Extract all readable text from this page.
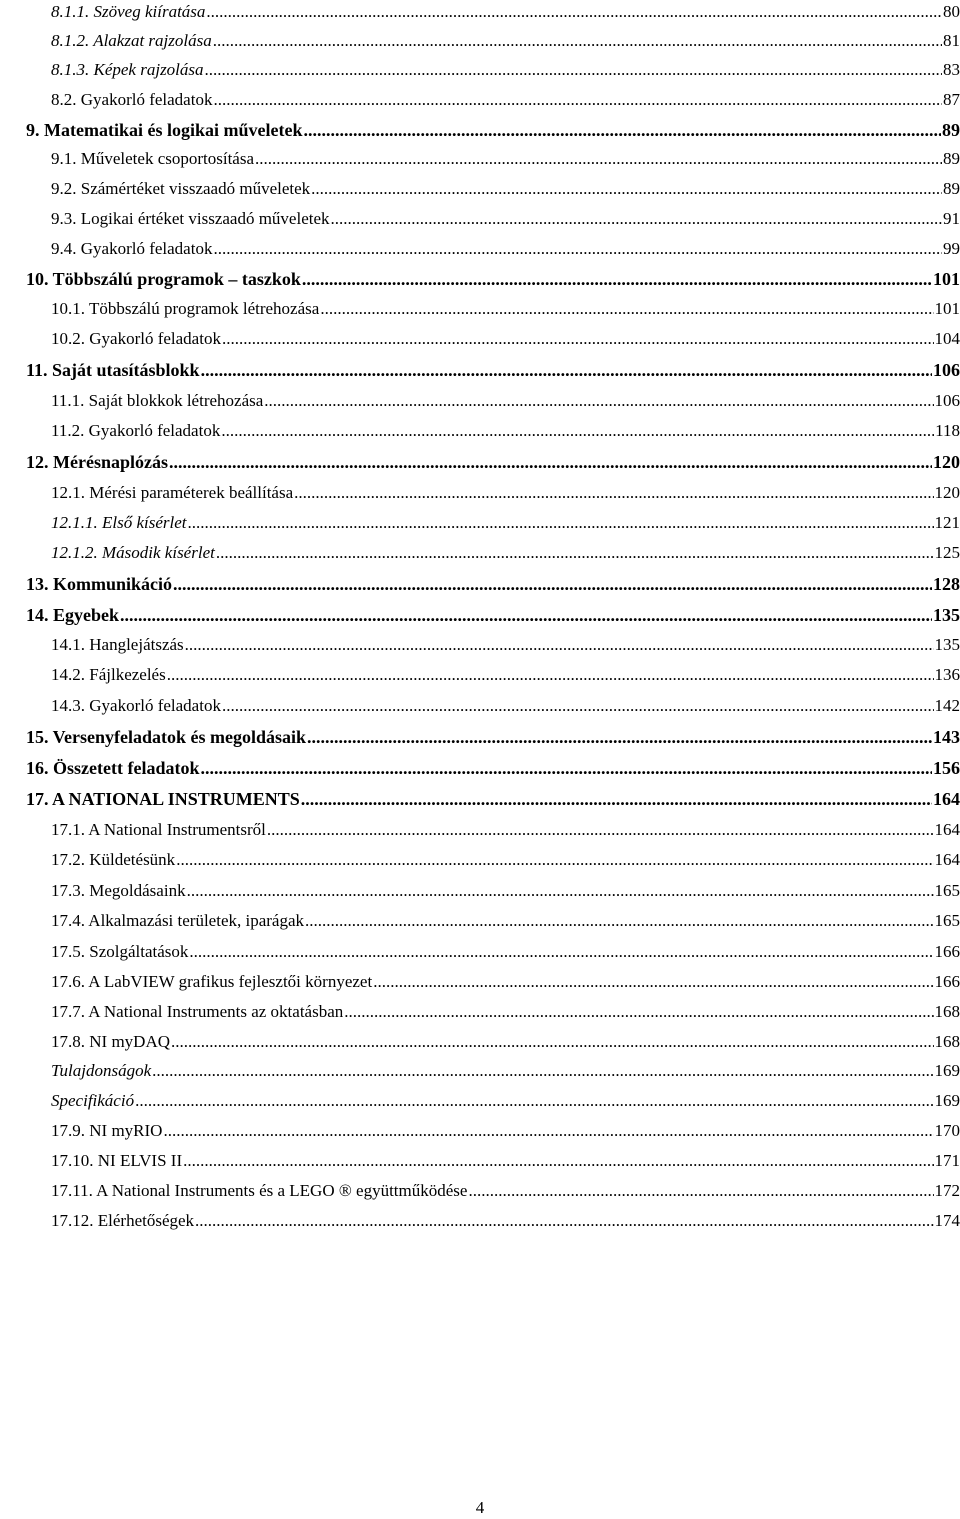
8.1.1. Szöveg kiíratása .....	80
8.1.2. Alakzat rajzolása .....	81
8.1.3. Képek rajzolása .....	83
8.2. Gyakorló feladatok .....	87
9. Matematikai és logikai műveletek .....	89
9.1. Műveletek csoportosítása .....	89
9.2. Számértéket visszaadó műveletek .....	89
9.3. Logikai értéket visszaadó műveletek .....	91
9.4. Gyakorló feladatok .....	99
10. Többszálú programok – taszkok .....	101
10.1. Többszálú programok létrehozása .....	101
10.2. Gyakorló feladatok .....	104
11. Saját utasításblokk .....	106
11.1. Saját blokkok létrehozása .....	106
11.2. Gyakorló feladatok .....	118
12. Mérésnaplózás .....	120
12.1. Mérési paraméterek beállítása .....	120
12.1.1. Első kísérlet .....	121
12.1.2. Második kísérlet .....	125
13. Kommunikáció .....	128
14. Egyebek .....	135
14.1. Hanglejátszás .....	135
14.2. Fájlkezelés .....	136
14.3. Gyakorló feladatok .....	142
15. Versenyfeladatok és megoldásaik .....	143
16. Összetett feladatok .....	156
17. A NATIONAL INSTRUMENTS .....	164
17.1. A National Instrumentsről .....	164
17.2. Küldetésünk .....	164
17.3. Megoldásaink .....	165
17.4. Alkalmazási területek, iparágak .....	165
17.5. Szolgáltatások .....	166
17.6. A LabVIEW grafikus fejlesztői környezet .....	166
17.7. A National Instruments az oktatásban .....	168
17.8. NI myDAQ .....	168
Tulajdonságok .....	169
Specifikáció .....	169
17.9. NI myRIO .....	170
17.10. NI ELVIS II .....	171
17.11. A National Instruments és a LEGO ® együttműködése .....	172
17.12. Elérhetőségek .....	174
4
